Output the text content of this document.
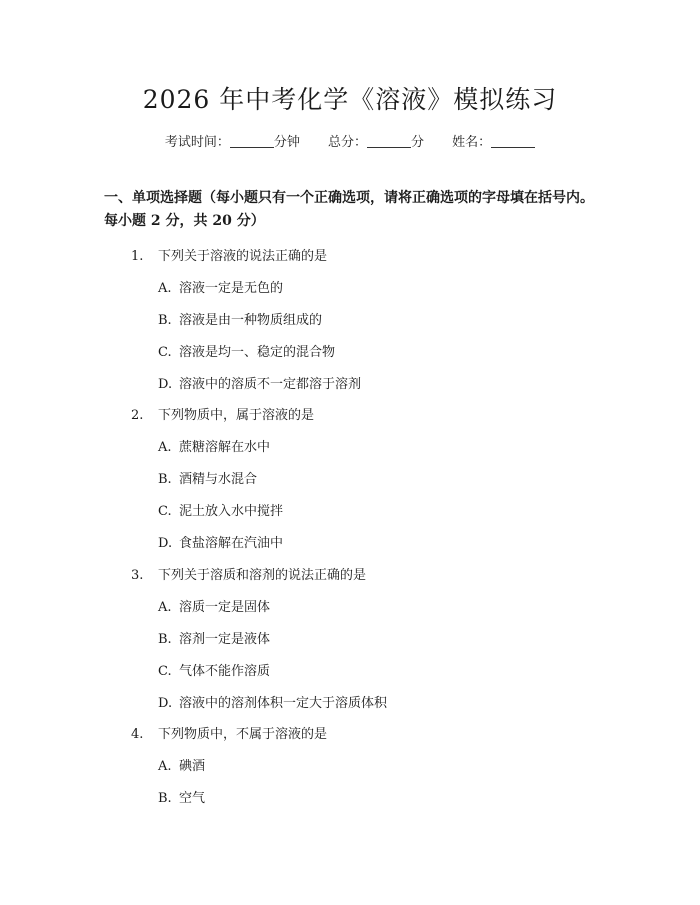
2026 年中考化学《溶液》模拟练习
考试时间：	分钟 总分：	分 姓名：
一、单项选择题（每小题只有一个正确选项，请将正确选项的字母填在括号内。每小题 2 分，共 20 分）
1. 下列关于溶液的说法正确的是
A. 溶液一定是无色的
B. 溶液是由一种物质组成的
C. 溶液是均一、稳定的混合物
D. 溶液中的溶质不一定都溶于溶剂
2. 下列物质中，属于溶液的是
A. 蔗糖溶解在水中
B. 酒精与水混合
C. 泥土放入水中搅拌
D. 食盐溶解在汽油中
3. 下列关于溶质和溶剂的说法正确的是
A. 溶质一定是固体
B. 溶剂一定是液体
C. 气体不能作溶质
D. 溶液中的溶剂体积一定大于溶质体积
4. 下列物质中，不属于溶液的是
A. 碘酒
B. 空气
